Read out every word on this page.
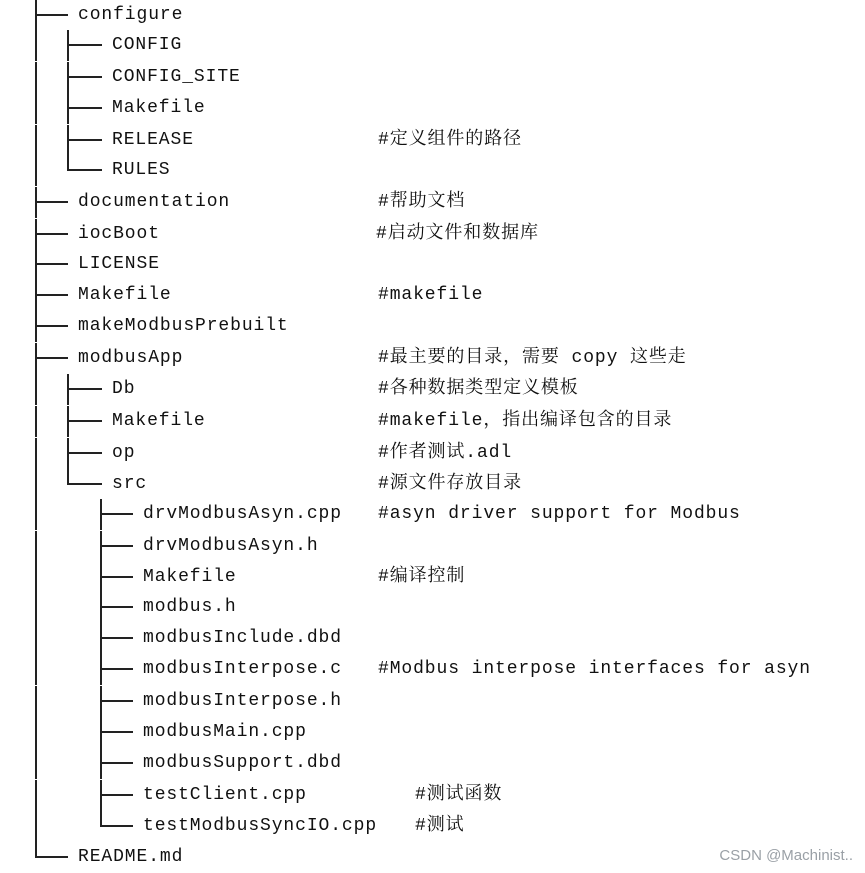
configure
CONFIG
CONFIG_SITE
Makefile
RELEASE	#定义组件的路径
RULES
documentation	#帮助文档
iocBoot	#启动文件和数据库
LICENSE
Makefile	#makefile
makeModbusPrebuilt
modbusApp	#最主要的目录，需要 copy 这些走
Db	#各种数据类型定义模板
Makefile	#makefile，指出编译包含的目录
op	#作者测试.adl
src	#源文件存放目录
drvModbusAsyn.cpp #asyn driver support for Modbus
drvModbusAsyn.h
Makefile	#编译控制
modbus.h
modbusInclude.dbd
modbusInterpose.c #Modbus interpose interfaces for asyn
modbusInterpose.h
modbusMain.cpp
modbusSupport.dbd
testClient.cpp	#测试函数
testModbusSyncIO.cpp #测试
README.md	CSDN @Machinist..
